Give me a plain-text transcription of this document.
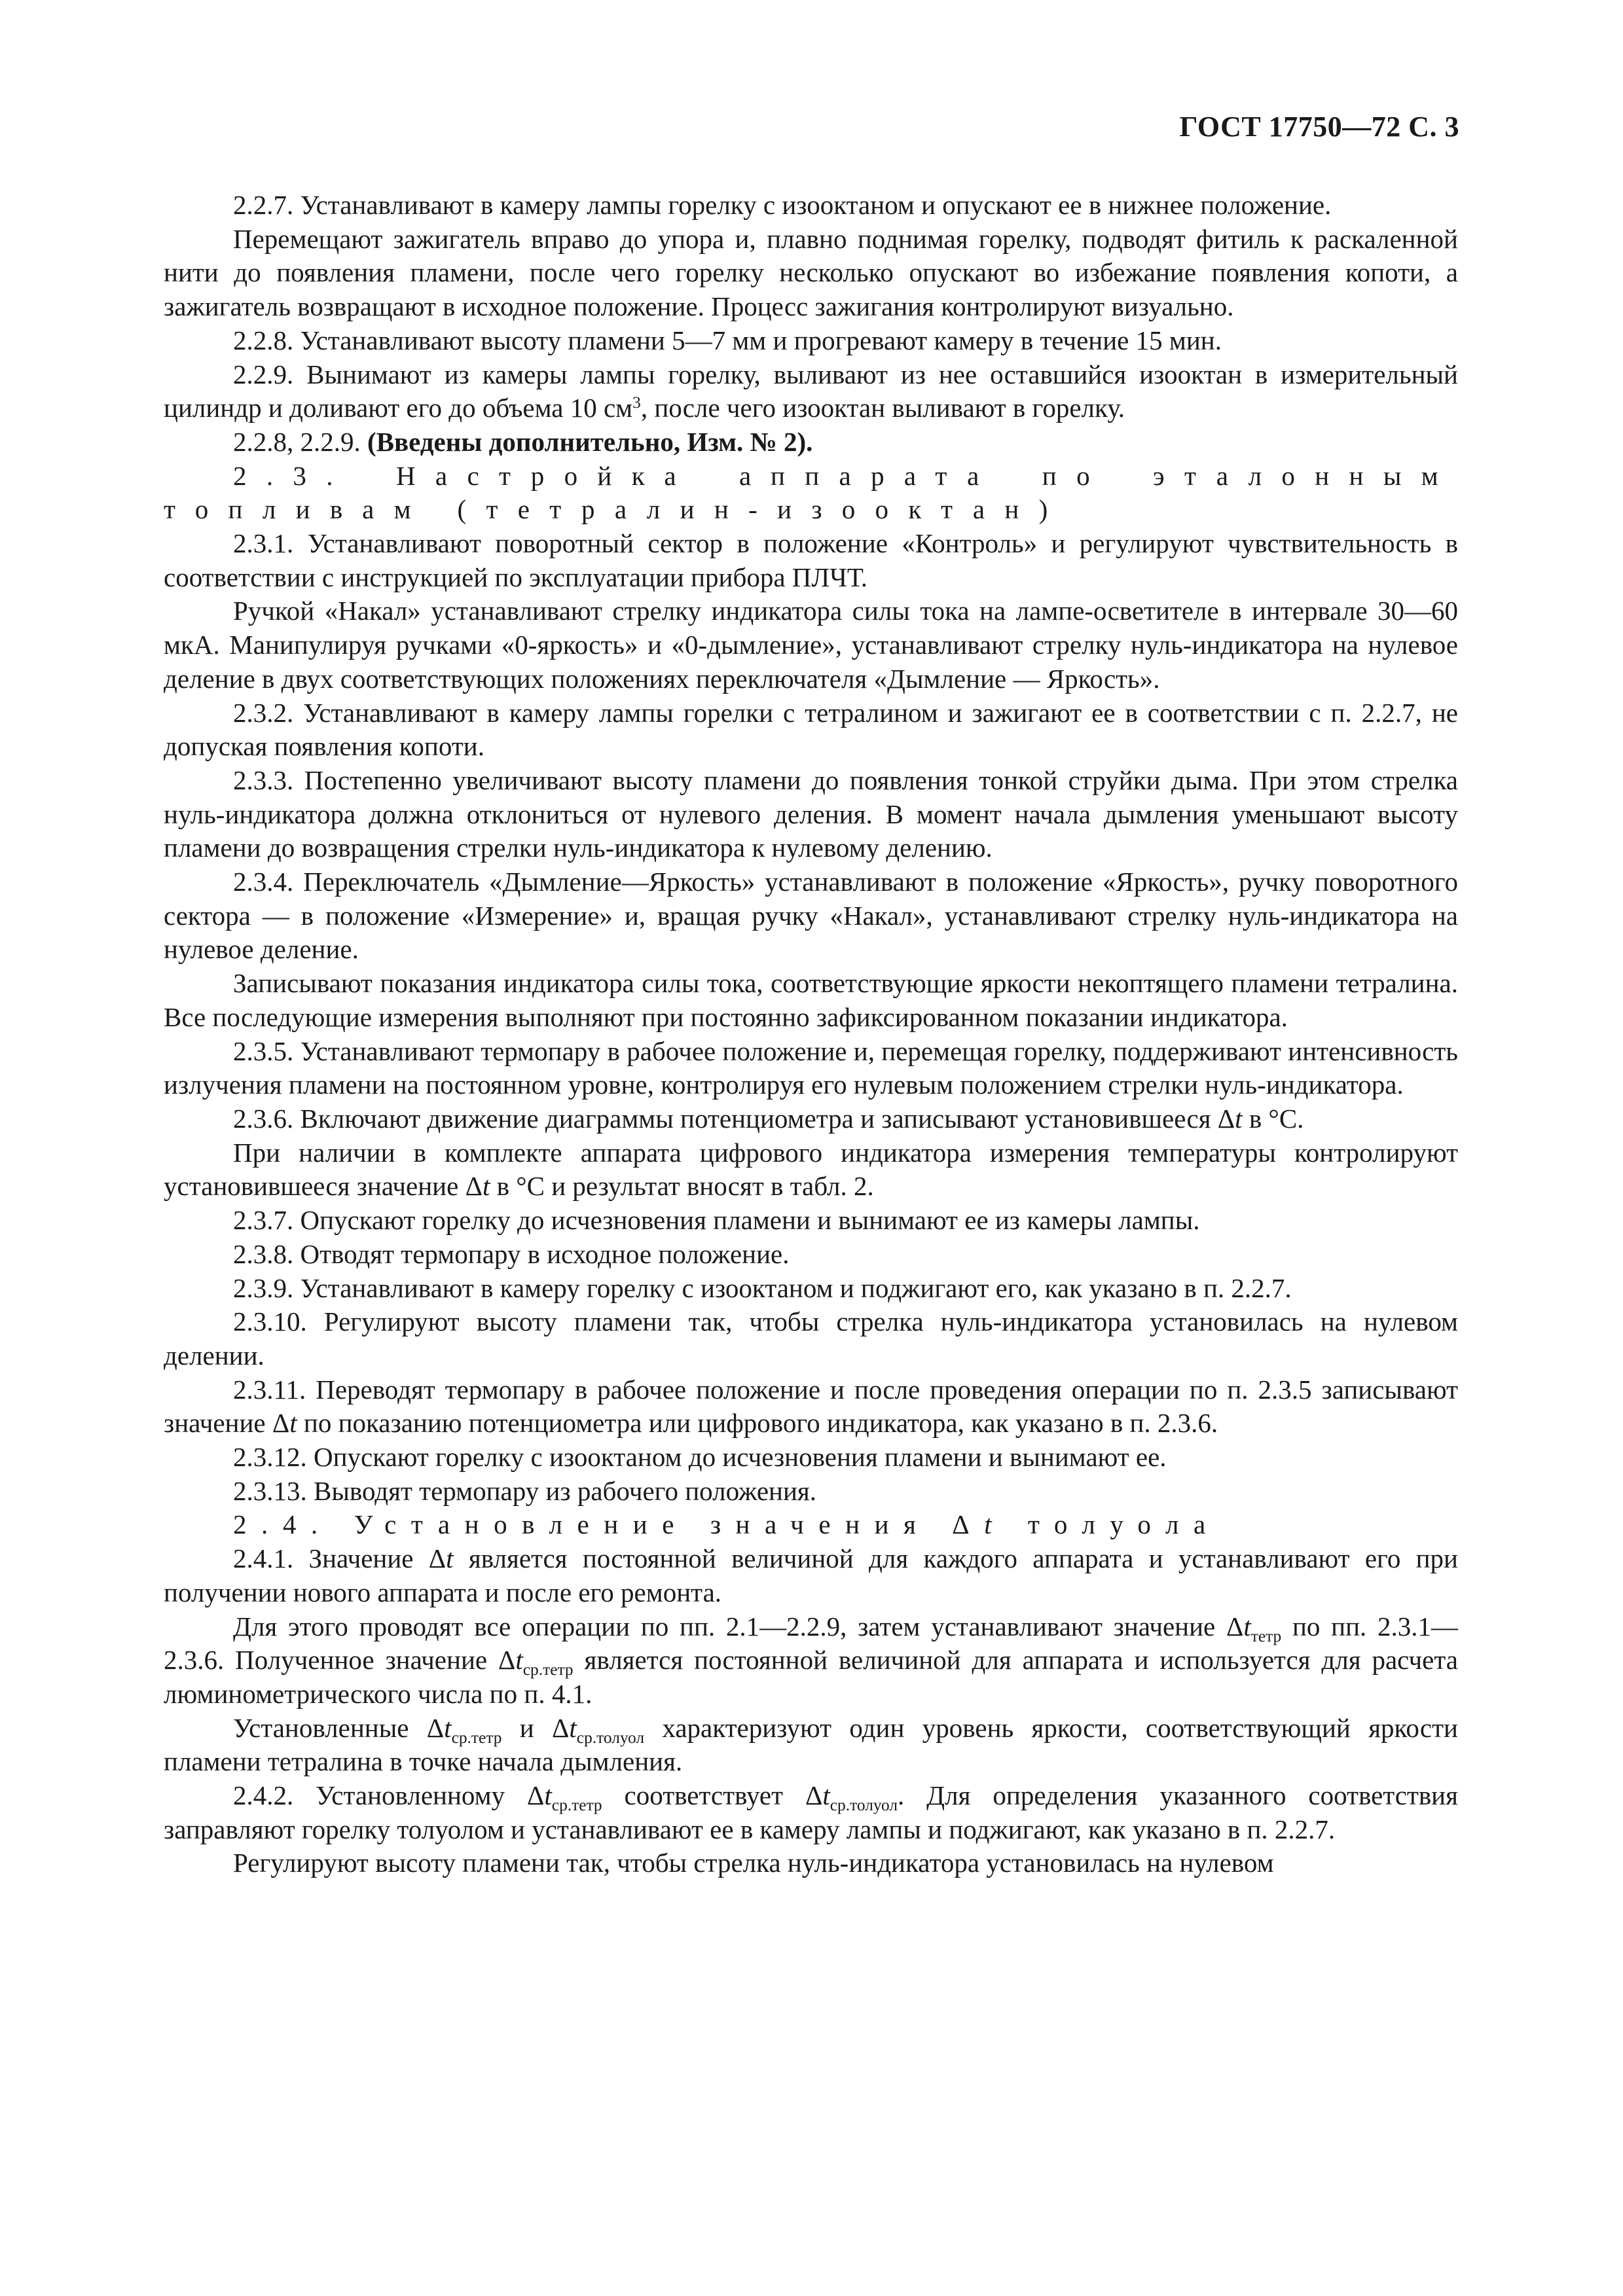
ГОСТ 17750—72 С. 3

2.2.7. Устанавливают в камеру лампы горелку с изооктаном и опускают ее в нижнее положение.

Перемещают зажигатель вправо до упора и, плавно поднимая горелку, подводят фитиль к раскаленной нити до появления пламени, после чего горелку несколько опускают во избежание появления копоти, а зажигатель возвращают в исходное положение. Процесс зажигания контролируют визуально.

2.2.8. Устанавливают высоту пламени 5—7 мм и прогревают камеру в течение 15 мин.

2.2.9. Вынимают из камеры лампы горелку, выливают из нее оставшийся изооктан в измерительный цилиндр и доливают его до объема 10 $см^3$, после чего изооктан выливают в горелку.

2.2.8, 2.2.9. (Введены дополнительно, Изм. № 2).

2.3. Настройка аппарата по эталонным топливам (тетралин-изооктан)

2.3.1. Устанавливают поворотный сектор в положение «Контроль» и регулируют чувствительность в соответствии с инструкцией по эксплуатации прибора ПЛЧТ.

Ручкой «Накал» устанавливают стрелку индикатора силы тока на лампе-осветителе в интервале 30—60 мкА. Манипулируя ручками «0-яркость» и «0-дымление», устанавливают стрелку нуль-индикатора на нулевое деление в двух соответствующих положениях переключателя «Дымление — Яркость».

2.3.2. Устанавливают в камеру лампы горелки с тетралином и зажигают ее в соответствии с п. 2.2.7, не допуская появления копоти.

2.3.3. Постепенно увеличивают высоту пламени до появления тонкой струйки дыма. При этом стрелка нуль-индикатора должна отклониться от нулевого деления. В момент начала дымления уменьшают высоту пламени до возвращения стрелки нуль-индикатора к нулевому делению.

2.3.4. Переключатель «Дымление—Яркость» устанавливают в положение «Яркость», ручку поворотного сектора — в положение «Измерение» и, вращая ручку «Накал», устанавливают стрелку нуль-индикатора на нулевое деление.

Записывают показания индикатора силы тока, соответствующие яркости некоптящего пламени тетралина. Все последующие измерения выполняют при постоянно зафиксированном показании индикатора.

2.3.5. Устанавливают термопару в рабочее положение и, перемещая горелку, поддерживают интенсивность излучения пламени на постоянном уровне, контролируя его нулевым положением стрелки нуль-индикатора.

2.3.6. Включают движение диаграммы потенциометра и записывают установившееся Δt в °С.

При наличии в комплекте аппарата цифрового индикатора измерения температуры контролируют установившееся значение Δt в °С и результат вносят в табл. 2.

2.3.7. Опускают горелку до исчезновения пламени и вынимают ее из камеры лампы.

2.3.8. Отводят термопару в исходное положение.

2.3.9. Устанавливают в камеру горелку с изооктаном и поджигают его, как указано в п. 2.2.7.

2.3.10. Регулируют высоту пламени так, чтобы стрелка нуль-индикатора установилась на нулевом делении.

2.3.11. Переводят термопару в рабочее положение и после проведения операции по п. 2.3.5 записывают значение Δt по показанию потенциометра или цифрового индикатора, как указано в п. 2.3.6.

2.3.12. Опускают горелку с изооктаном до исчезновения пламени и вынимают ее.

2.3.13. Выводят термопару из рабочего положения.

2.4. Установление значения Δt толуола

2.4.1. Значение Δt является постоянной величиной для каждого аппарата и устанавливают его при получении нового аппарата и после его ремонта.

Для этого проводят все операции по пп. 2.1—2.2.9, затем устанавливают значение $\Delta t_{тетр}$ по пп. 2.3.1—2.3.6. Полученное значение $\Delta t_{ср.тетр}$ является постоянной величиной для аппарата и используется для расчета люминометрического числа по п. 4.1.

Установленные $\Delta t_{ср.тетр}$ и $\Delta t_{ср.толуол}$ характеризуют один уровень яркости, соответствующий яркости пламени тетралина в точке начала дымления.

2.4.2. Установленному $\Delta t_{ср.тетр}$ соответствует $\Delta t_{ср.толуол}$. Для определения указанного соответствия заправляют горелку толуолом и устанавливают ее в камеру лампы и поджигают, как указано в п. 2.2.7.

Регулируют высоту пламени так, чтобы стрелка нуль-индикатора установилась на нулевом
